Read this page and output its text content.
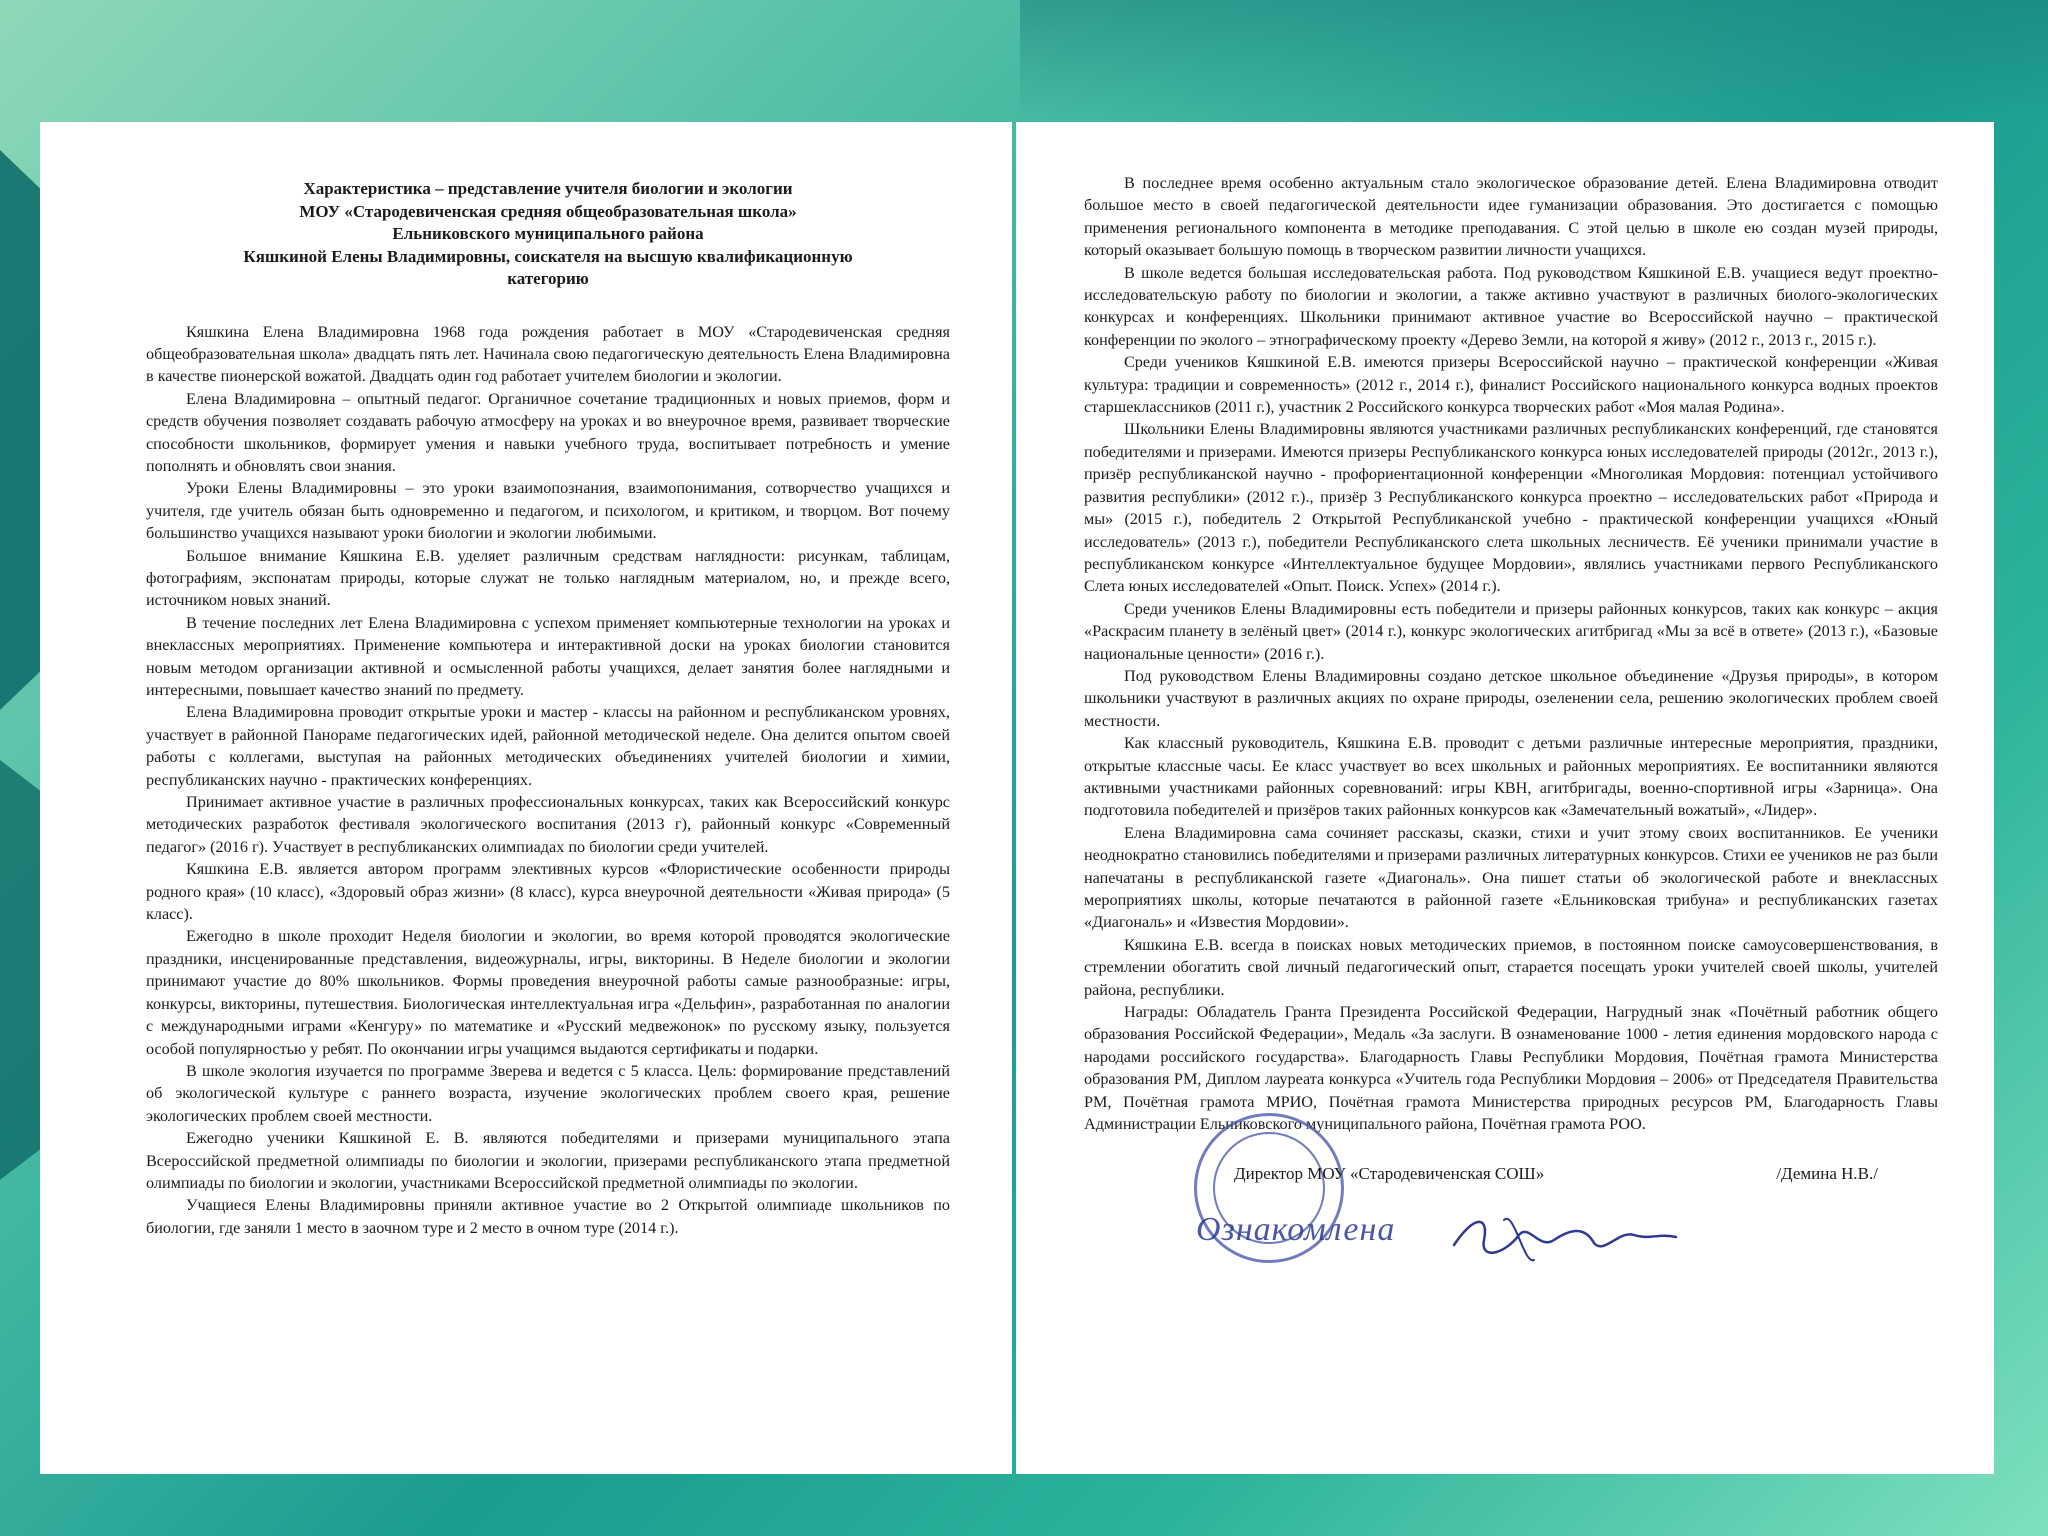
Характеристика – представление учителя биологии и экологии
МОУ «Стародевиченская средняя общеобразовательная школа»
Ельниковского муниципального района
Кяшкиной Елены Владимировны, соискателя на высшую квалификационную
категорию

Кяшкина Елена Владимировна 1968 года рождения работает в МОУ «Стародевиченская средняя общеобразовательная школа» двадцать пять лет. Начинала свою педагогическую деятельность Елена Владимировна в качестве пионерской вожатой. Двадцать один год работает учителем биологии и экологии.

Елена Владимировна – опытный педагог. Органичное сочетание традиционных и новых приемов, форм и средств обучения позволяет создавать рабочую атмосферу на уроках и во внеурочное время, развивает творческие способности школьников, формирует умения и навыки учебного труда, воспитывает потребность и умение пополнять и обновлять свои знания.

Уроки Елены Владимировны – это уроки взаимопознания, взаимопонимания, сотворчество учащихся и учителя, где учитель обязан быть одновременно и педагогом, и психологом, и критиком, и творцом. Вот почему большинство учащихся называют уроки биологии и экологии любимыми.

Большое внимание Кяшкина Е.В. уделяет различным средствам наглядности: рисункам, таблицам, фотографиям, экспонатам природы, которые служат не только наглядным материалом, но, и прежде всего, источником новых знаний.

В течение последних лет Елена Владимировна с успехом применяет компьютерные технологии на уроках и внеклассных мероприятиях. Применение компьютера и интерактивной доски на уроках биологии становится новым методом организации активной и осмысленной работы учащихся, делает занятия более наглядными и интересными, повышает качество знаний по предмету.

Елена Владимировна проводит открытые уроки и мастер - классы на районном и республиканском уровнях, участвует в районной Панораме педагогических идей, районной методической неделе. Она делится опытом своей работы с коллегами, выступая на районных методических объединениях учителей биологии и химии, республиканских научно - практических конференциях.

Принимает активное участие в различных профессиональных конкурсах, таких как Всероссийский конкурс методических разработок фестиваля экологического воспитания (2013 г), районный конкурс «Современный педагог» (2016 г). Участвует в республиканских олимпиадах по биологии среди учителей.

Кяшкина Е.В. является автором программ элективных курсов «Флористические особенности природы родного края» (10 класс), «Здоровый образ жизни» (8 класс), курса внеурочной деятельности «Живая природа» (5 класс).

Ежегодно в школе проходит Неделя биологии и экологии, во время которой проводятся экологические праздники, инсценированные представления, видеожурналы, игры, викторины. В Неделе биологии и экологии принимают участие до 80% школьников. Формы проведения внеурочной работы самые разнообразные: игры, конкурсы, викторины, путешествия. Биологическая интеллектуальная игра «Дельфин», разработанная по аналогии с международными играми «Кенгуру» по математике и «Русский медвежонок» по русскому языку, пользуется особой популярностью у ребят. По окончании игры учащимся выдаются сертификаты и подарки.

В школе экология изучается по программе Зверева и ведется с 5 класса. Цель: формирование представлений об экологической культуре с раннего возраста, изучение экологических проблем своего края, решение экологических проблем своей местности.

Ежегодно ученики Кяшкиной Е. В. являются победителями и призерами муниципального этапа Всероссийской предметной олимпиады по биологии и экологии, призерами республиканского этапа предметной олимпиады по биологии и экологии, участниками Всероссийской предметной олимпиады по экологии.

Учащиеся Елены Владимировны приняли активное участие во 2 Открытой олимпиаде школьников по биологии, где заняли 1 место в заочном туре и 2 место в очном туре (2014 г.).

В последнее время особенно актуальным стало экологическое образование детей. Елена Владимировна отводит большое место в своей педагогической деятельности идее гуманизации образования. Это достигается с помощью применения регионального компонента в методике преподавания. С этой целью в школе ею создан музей природы, который оказывает большую помощь в творческом развитии личности учащихся.

В школе ведется большая исследовательская работа. Под руководством Кяшкиной Е.В. учащиеся ведут проектно-исследовательскую работу по биологии и экологии, а также активно участвуют в различных биолого-экологических конкурсах и конференциях. Школьники принимают активное участие во Всероссийской научно – практической конференции по экологo – этнографическому проекту «Дерево Земли, на которой я живу» (2012 г., 2013 г., 2015 г.).

Среди учеников Кяшкиной Е.В. имеются призеры Всероссийской научно – практической конференции «Живая культура: традиции и современность» (2012 г., 2014 г.), финалист Российского национального конкурса водных проектов старшеклассников (2011 г.), участник 2 Российского конкурса творческих работ «Моя малая Родина».

Школьники Елены Владимировны являются участниками различных республиканских конференций, где становятся победителями и призерами. Имеются призеры Республиканского конкурса юных исследователей природы (2012г., 2013 г.), призёр республиканской научно - профориентационной конференции «Многоликая Мордовия: потенциал устойчивого развития республики» (2012 г.)., призёр 3 Республиканского конкурса проектно – исследовательских работ «Природа и мы» (2015 г.), победитель 2 Открытой Республиканской учебно - практической конференции учащихся «Юный исследователь» (2013 г.), победители Республиканского слета школьных лесничеств. Её ученики принимали участие в республиканском конкурсе «Интеллектуальное будущее Мордовии», являлись участниками первого Республиканского Слета юных исследователей «Опыт. Поиск. Успех» (2014 г.).

Среди учеников Елены Владимировны есть победители и призеры районных конкурсов, таких как конкурс – акция «Раскрасим планету в зелёный цвет» (2014 г.), конкурс экологических агитбригад «Мы за всё в ответе» (2013 г.), «Базовые национальные ценности» (2016 г.).

Под руководством Елены Владимировны создано детское школьное объединение «Друзья природы», в котором школьники участвуют в различных акциях по охране природы, озеленении села, решению экологических проблем своей местности.

Как классный руководитель, Кяшкина Е.В. проводит с детьми различные интересные мероприятия, праздники, открытые классные часы. Ее класс участвует во всех школьных и районных мероприятиях. Ее воспитанники являются активными участниками районных соревнований: игры КВН, агитбригады, военно-спортивной игры «Зарница». Она подготовила победителей и призёров таких районных конкурсов как «Замечательный вожатый», «Лидер».

Елена Владимировна сама сочиняет рассказы, сказки, стихи и учит этому своих воспитанников. Ее ученики неоднократно становились победителями и призерами различных литературных конкурсов. Стихи ее учеников не раз были напечатаны в республиканской газете «Диагональ». Она пишет статьи об экологической работе и внеклассных мероприятиях школы, которые печатаются в районной газете «Ельниковская трибуна» и республиканских газетах «Диагональ» и «Известия Мордовии».

Кяшкина Е.В. всегда в поисках новых методических приемов, в постоянном поиске самоусовершенствования, в стремлении обогатить свой личный педагогический опыт, старается посещать уроки учителей своей школы, учителей района, республики.

Награды: Обладатель Гранта Президента Российской Федерации, Нагрудный знак «Почётный работник общего образования Российской Федерации», Медаль «За заслуги. В ознаменование 1000 - летия единения мордовского народа с народами российского государства». Благодарность Главы Республики Мордовия, Почётная грамота Министерства образования РМ, Диплом лауреата конкурса «Учитель года Республики Мордовия – 2006» от Председателя Правительства РМ, Почётная грамота МРИО, Почётная грамота Министерства природных ресурсов РМ, Благодарность Главы Администрации Ельниковского муниципального района, Почётная грамота РОО.

Директор МОУ «Стародевиченская СОШ»	/Демина Н.В./
Ознакомлена
